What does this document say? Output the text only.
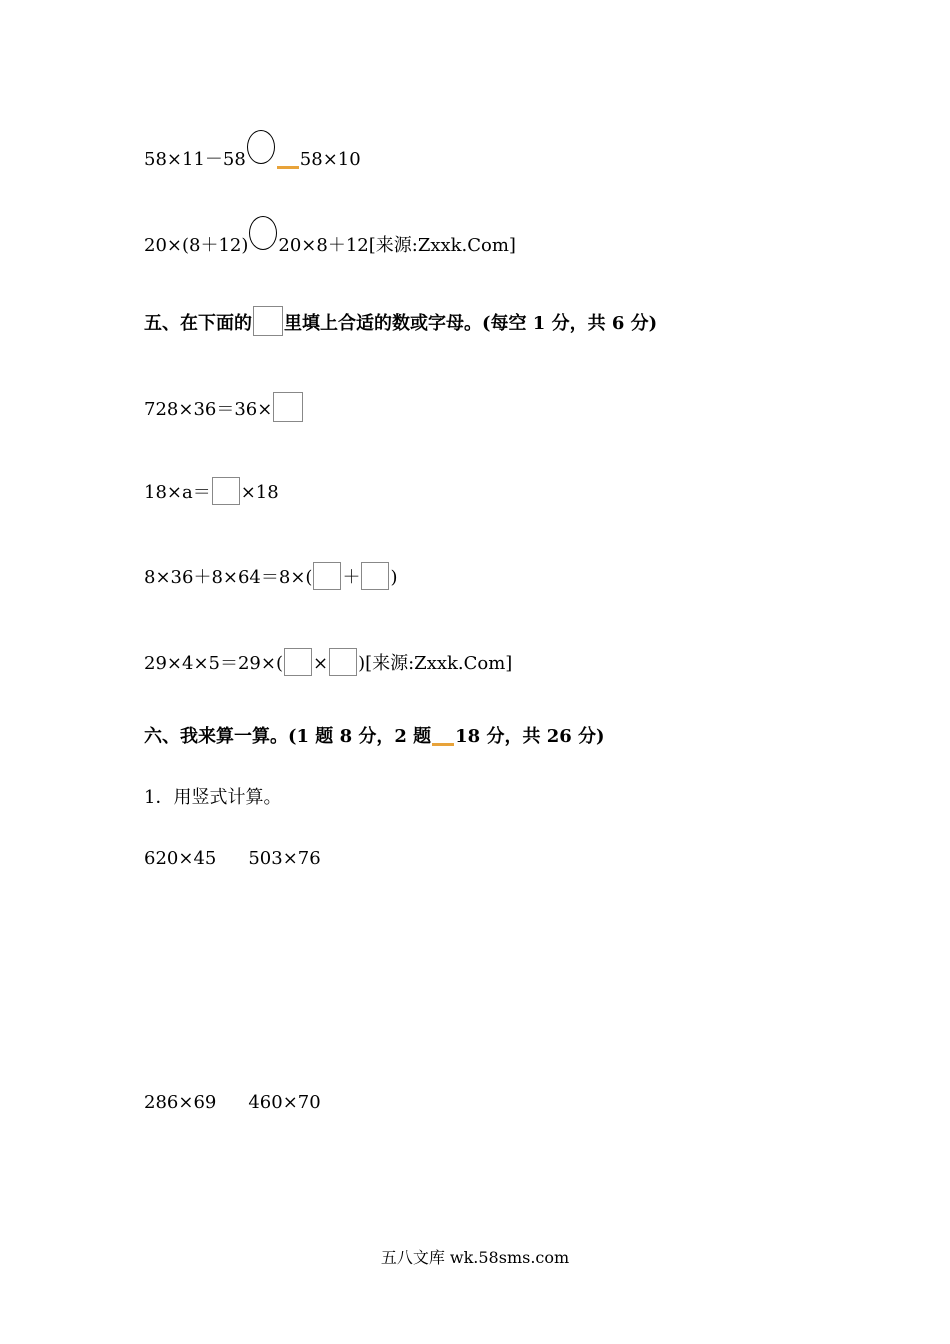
58×11－58	58×10
20×(8＋12) 20×8＋12[来源:Zxxk.Com]
五、在下面的 里填上合适的数或字母。(每空 1 分，共 6 分)
728×36＝36×
18×a＝ ×18
8×36＋8×64＝8×( ＋ )
29×4×5＝29×( × )[来源:Zxxk.Com]
六、我来算一算。(1 题 8 分，2 题 18 分，共 26 分)
1．用竖式计算。
620×45 503×76
286×69 460×70
五八文库 wk.58sms.com
